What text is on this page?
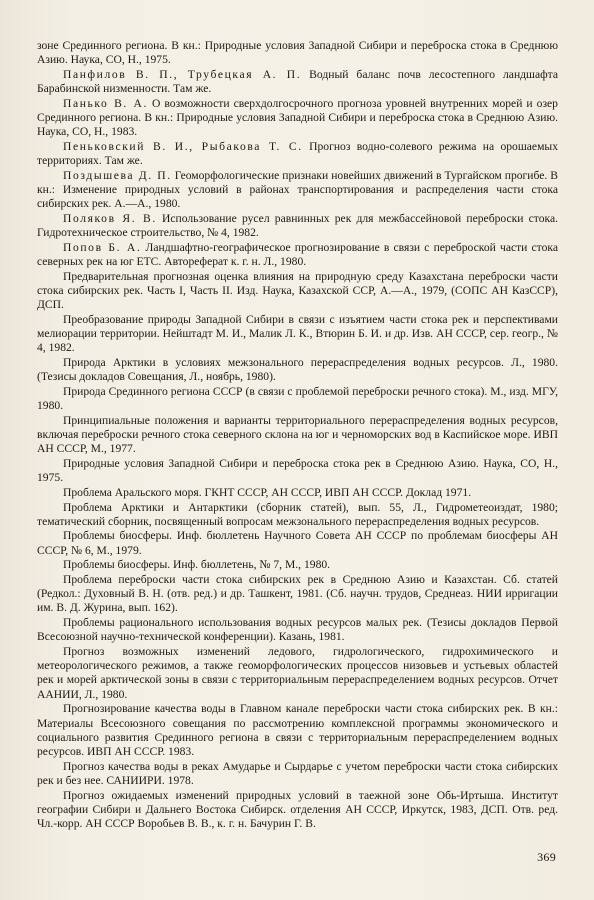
зоне Срединного региона. В кн.: Природные условия Западной Сибири и переброска стока в Среднюю Азию. Наука, СО, Н., 1975.

Панфилов В. П., Трубецкая А. П. Водный баланс почв лесостепного ландшафта Барабинской низменности. Там же.

Панько В. А. О возможности сверхдолгосрочного прогноза уровней внутренних морей и озер Срединного региона. В кн.: Природные условия Западной Сибири и переброска стока в Среднюю Азию. Наука, СО, Н., 1983.

Пеньковский В. И., Рыбакова Т. С. Прогноз водно-солевого режима на орошаемых территориях. Там же.

Поздышева Д. П. Геоморфологические признаки новейших движений в Тургайском прогибе. В кн.: Изменение природных условий в районах транспортирования и распределения части стока сибирских рек. А.—А., 1980.

Поляков Я. В. Использование русел равнинных рек для межбассейновой переброски стока. Гидротехническое строительство, № 4, 1982.

Попов Б. А. Ландшафтно-географическое прогнозирование в связи с переброской части стока северных рек на юг ЕТС. Автореферат к. г. н. Л., 1980.

Предварительная прогнозная оценка влияния на природную среду Казахстана переброски части стока сибирских рек. Часть I, Часть II. Изд. Наука, Казахской ССР, А.—А., 1979, (СОПС АН КазССР), ДСП.

Преобразование природы Западной Сибири в связи с изъятием части стока рек и перспективами мелиорации территории. Нейштадт М. И., Малик Л. К., Втюрин Б. И. и др. Изв. АН СССР, сер. геогр., № 4, 1982.

Природа Арктики в условиях межзонального перераспределения водных ресурсов. Л., 1980. (Тезисы докладов Совещания, Л., ноябрь, 1980).

Природа Срединного региона СССР (в связи с проблемой переброски речного стока). М., изд. МГУ, 1980.

Принципиальные положения и варианты территориального перераспределения водных ресурсов, включая переброски речного стока северного склона на юг и черноморских вод в Каспийское море. ИВП АН СССР, М., 1977.

Природные условия Западной Сибири и переброска стока рек в Среднюю Азию. Наука, СО, Н., 1975.

Проблема Аральского моря. ГКНТ СССР, АН СССР, ИВП АН СССР. Доклад 1971.

Проблема Арктики и Антарктики (сборник статей), вып. 55, Л., Гидрометеоиздат, 1980; тематический сборник, посвященный вопросам межзонального перераспределения водных ресурсов.

Проблемы биосферы. Инф. бюллетень Научного Совета АН СССР по проблемам биосферы АН СССР, № 6, М., 1979.

Проблемы биосферы. Инф. бюллетень, № 7, М., 1980.

Проблема переброски части стока сибирских рек в Среднюю Азию и Казахстан. Сб. статей (Редкол.: Духовный В. Н. (отв. ред.) и др. Ташкент, 1981. (Сб. научн. трудов, Среднеаз. НИИ ирригации им. В. Д. Журина, вып. 162).

Проблемы рационального использования водных ресурсов малых рек. (Тезисы докладов Первой Всесоюзной научно-технической конференции). Казань, 1981.

Прогноз возможных изменений ледового, гидрологического, гидрохимического и метеорологического режимов, а также геоморфологических процессов низовьев и устьевых областей рек и морей арктической зоны в связи с территориальным перераспределением водных ресурсов. Отчет ААНИИ, Л., 1980.

Прогнозирование качества воды в Главном канале переброски части стока сибирских рек. В кн.: Материалы Всесоюзного совещания по рассмотрению комплексной программы экономического и социального развития Срединного региона в связи с территориальным перераспределением водных ресурсов. ИВП АН СССР. 1983.

Прогноз качества воды в реках Амударье и Сырдарье с учетом переброски части стока сибирских рек и без нее. САНИИРИ. 1978.

Прогноз ожидаемых изменений природных условий в таежной зоне Обь-Иртыша. Институт географии Сибири и Дальнего Востока Сибирск. отделения АН СССР, Иркутск, 1983, ДСП. Отв. ред. Чл.-корр. АН СССР Воробьев В. В., к. г. н. Бачурин Г. В.

369
